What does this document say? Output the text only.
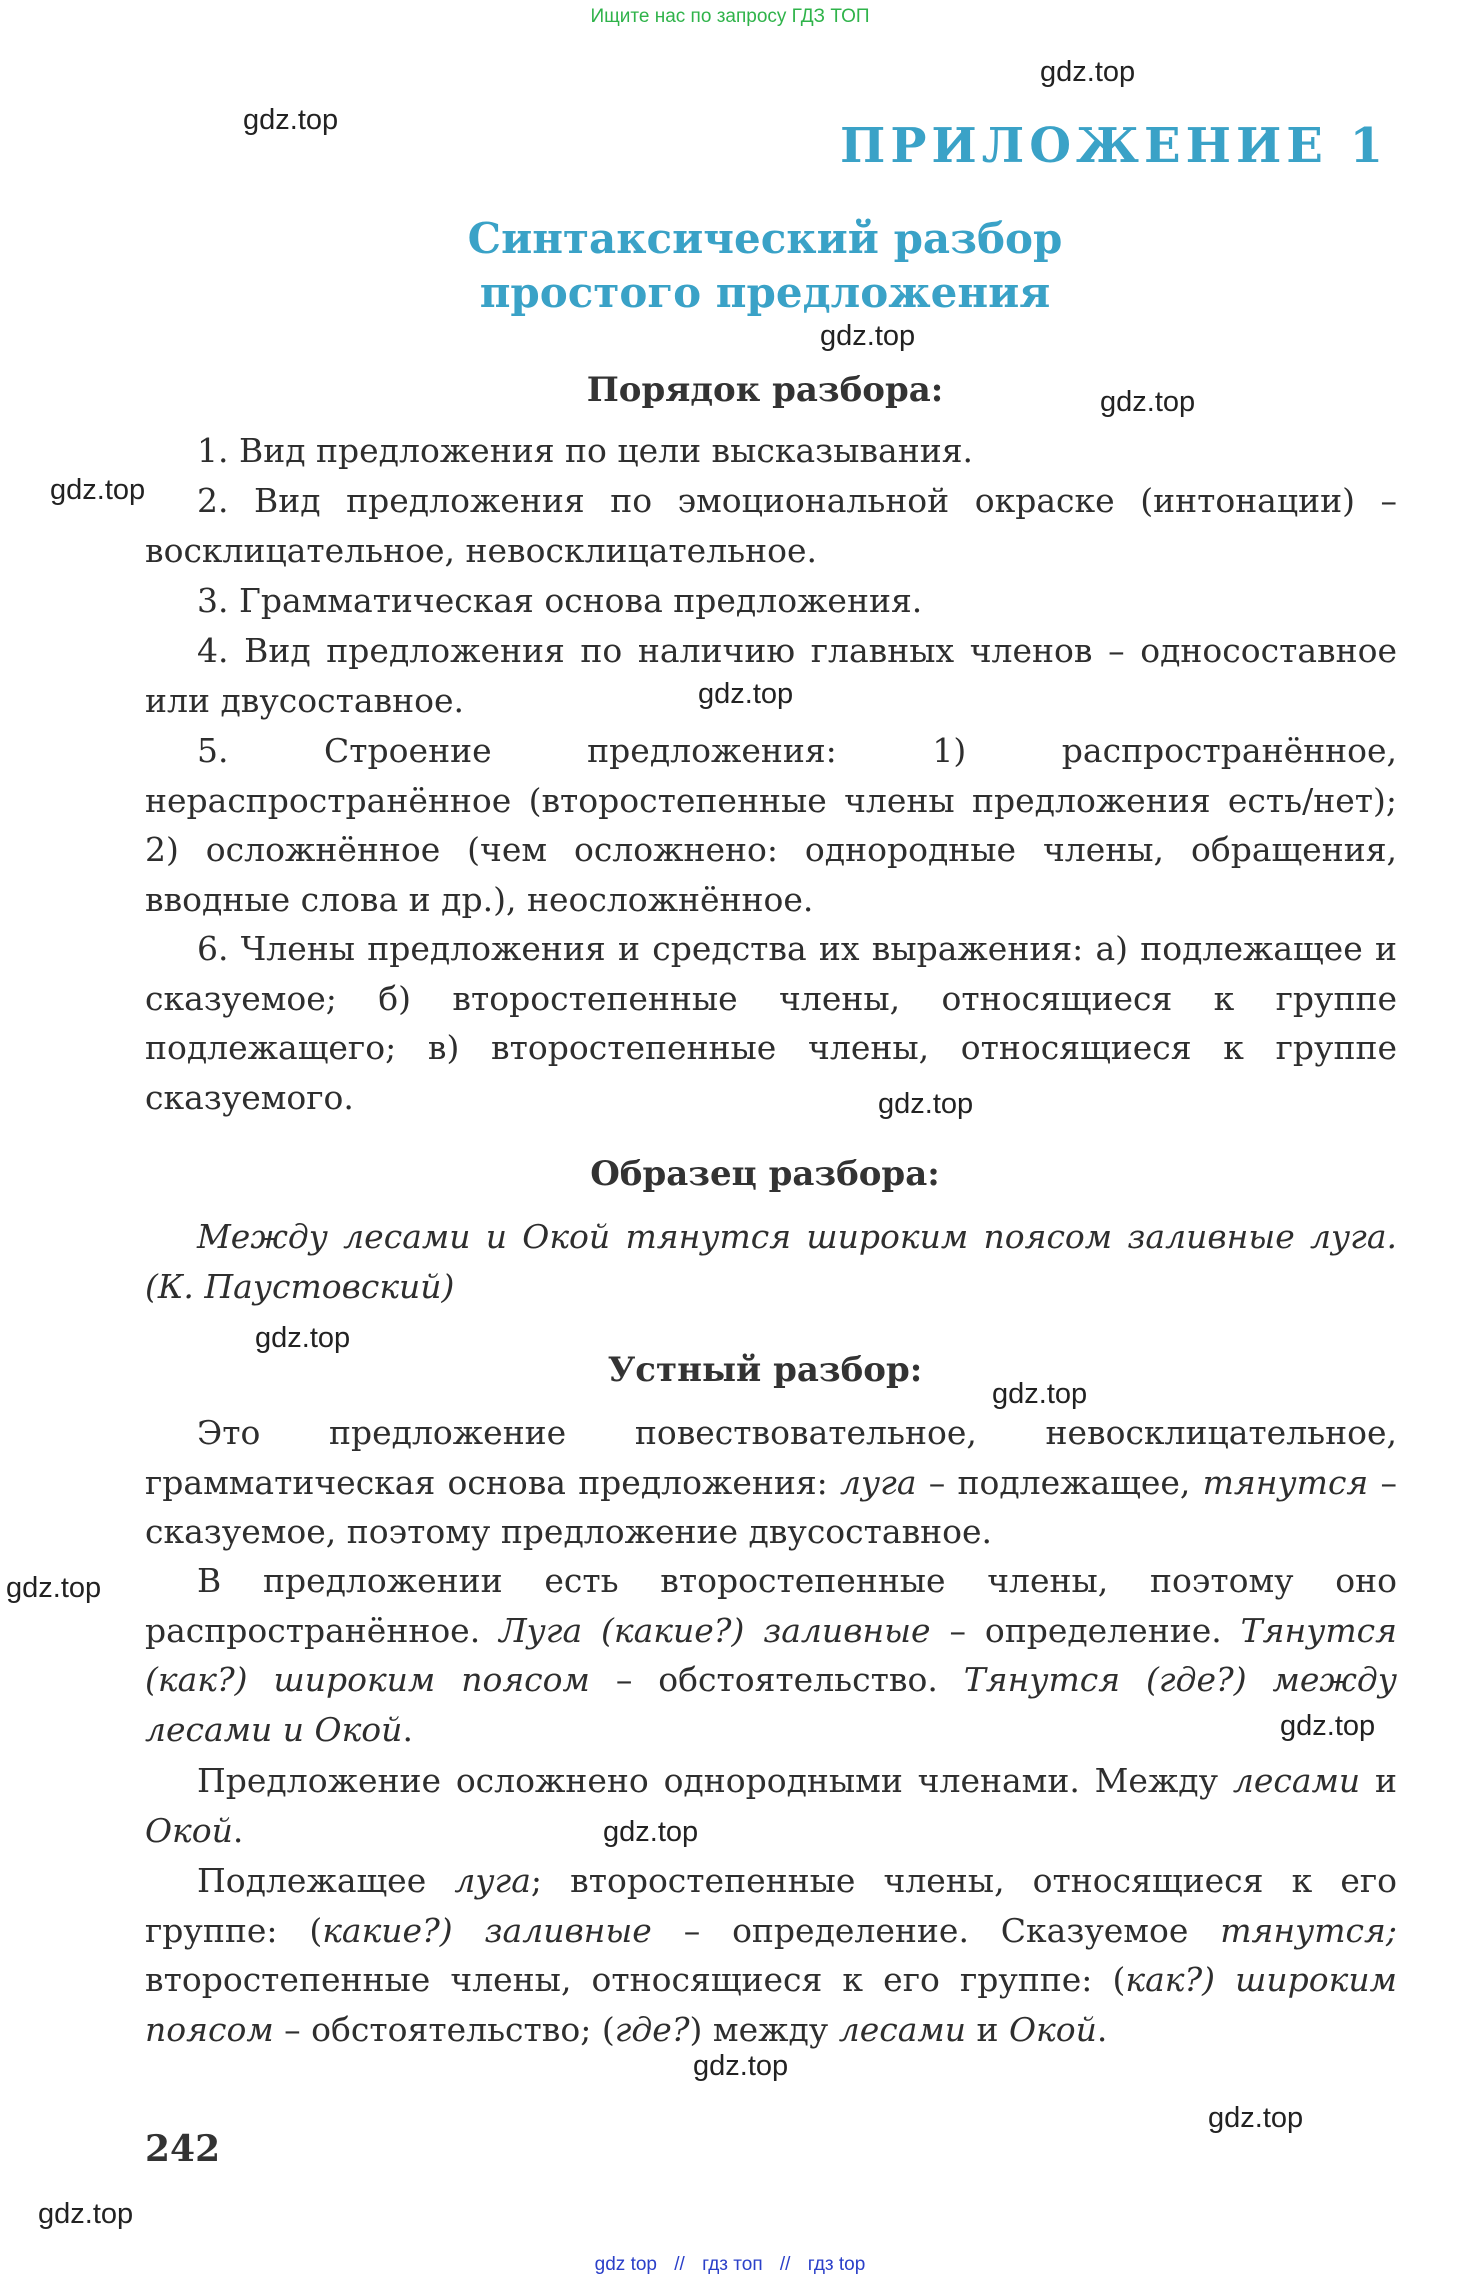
Ищите нас по запросу ГДЗ ТОП
ПРИЛОЖЕНИЕ 1
Синтаксический разбор
простого предложения
Порядок разбора:
1. Вид предложения по цели высказывания.
2. Вид предложения по эмоциональной окраске (интонации) – восклицательное, невосклицательное.
3. Грамматическая основа предложения.
4. Вид предложения по наличию главных членов – односоставное или двусоставное.
5. Строение предложения: 1) распространённое, нераспространённое (второстепенные члены предложения есть/нет); 2) осложнённое (чем осложнено: однородные члены, обращения, вводные слова и др.), неосложнённое.
6. Члены предложения и средства их выражения: а) подлежащее и сказуемое; б) второстепенные члены, относящиеся к группе подлежащего; в) второстепенные члены, относящиеся к группе сказуемого.
Образец разбора:
Между лесами и Окой тянутся широким поясом заливные луга. (К. Паустовский)
Устный разбор:
Это предложение повествовательное, невосклицательное, грамматическая основа предложения: луга – подлежащее, тянутся – сказуемое, поэтому предложение двусоставное.
В предложении есть второстепенные члены, поэтому оно распространённое. Луга (какие?) заливные – определение. Тянутся (как?) широким поясом – обстоятельство. Тянутся (где?) между лесами и Окой.
Предложение осложнено однородными членами. Между лесами и Окой.
Подлежащее луга; второстепенные члены, относящиеся к его группе: (какие?) заливные – определение. Сказуемое тянутся; второстепенные члены, относящиеся к его группе: (как?) широким поясом – обстоятельство; (где?) между лесами и Окой.
242
gdz.top
gdz.top
gdz.top
gdz.top
gdz.top
gdz.top
gdz.top
gdz.top
gdz.top
gdz.top
gdz.top
gdz.top
gdz.top
gdz.top
gdz.top
gdz top // гдз топ // гдз top
